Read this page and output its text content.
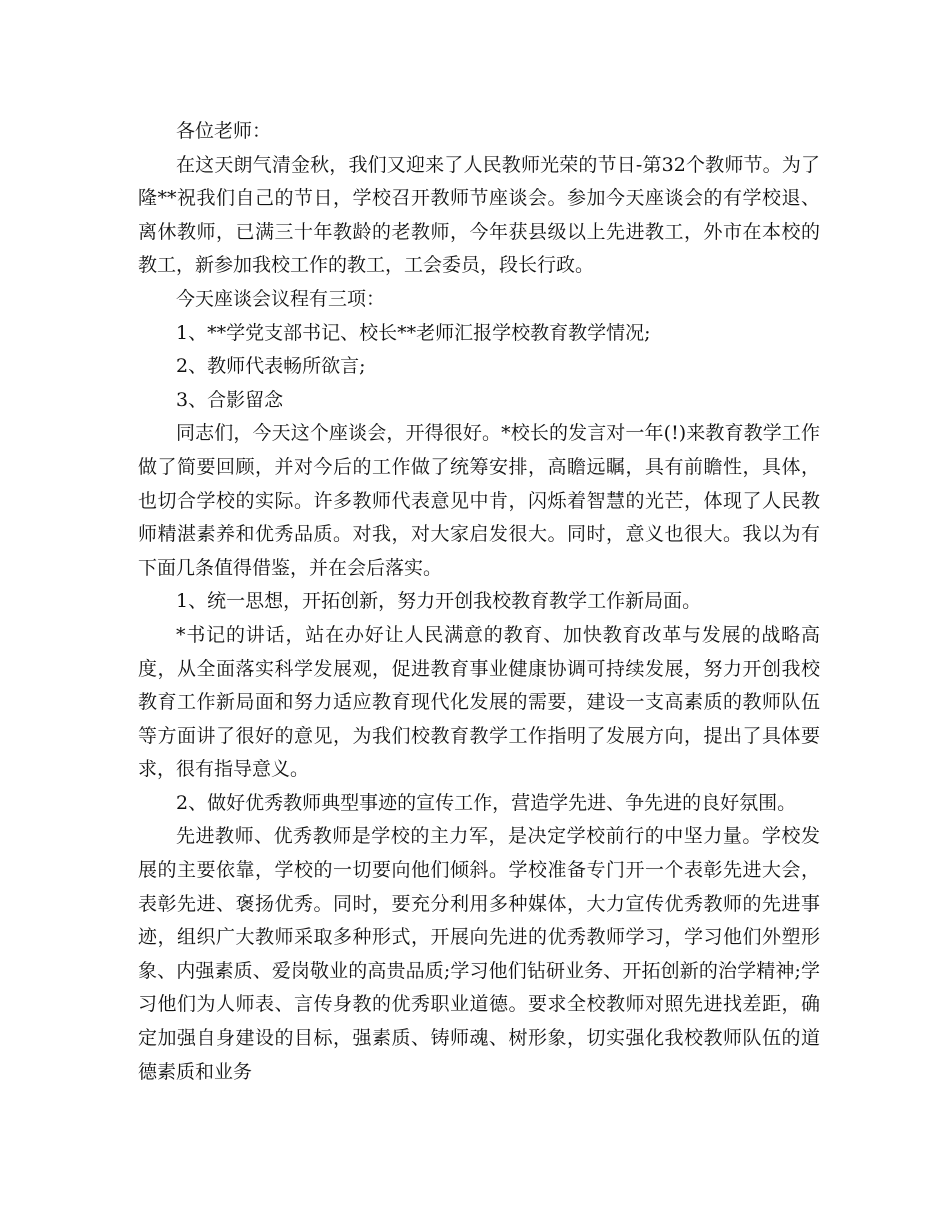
各位老师：

在这天朗气清金秋，我们又迎来了人民教师光荣的节日-第32个教师节。为了隆**祝我们自己的节日，学校召开教师节座谈会。参加今天座谈会的有学校退、离休教师，已满三十年教龄的老教师，今年获县级以上先进教工，外市在本校的教工，新参加我校工作的教工，工会委员，段长行政。

今天座谈会议程有三项：

1、**学党支部书记、校长**老师汇报学校教育教学情况;

2、教师代表畅所欲言;

3、合影留念

同志们，今天这个座谈会，开得很好。*校长的发言对一年(!)来教育教学工作做了简要回顾，并对今后的工作做了统筹安排，高瞻远瞩，具有前瞻性，具体，也切合学校的实际。许多教师代表意见中肯，闪烁着智慧的光芒，体现了人民教师精湛素养和优秀品质。对我，对大家启发很大。同时，意义也很大。我以为有下面几条值得借鉴，并在会后落实。

1、统一思想，开拓创新，努力开创我校教育教学工作新局面。

*书记的讲话，站在办好让人民满意的教育、加快教育改革与发展的战略高度，从全面落实科学发展观，促进教育事业健康协调可持续发展，努力开创我校教育工作新局面和努力适应教育现代化发展的需要，建设一支高素质的教师队伍等方面讲了很好的意见，为我们校教育教学工作指明了发展方向，提出了具体要求，很有指导意义。

2、做好优秀教师典型事迹的宣传工作，营造学先进、争先进的良好氛围。

先进教师、优秀教师是学校的主力军，是决定学校前行的中坚力量。学校发展的主要依靠，学校的一切要向他们倾斜。学校准备专门开一个表彰先进大会，表彰先进、褒扬优秀。同时，要充分利用多种媒体，大力宣传优秀教师的先进事迹，组织广大教师采取多种形式，开展向先进的优秀教师学习，学习他们外塑形象、内强素质、爱岗敬业的高贵品质;学习他们钻研业务、开拓创新的治学精神;学习他们为人师表、言传身教的优秀职业道德。要求全校教师对照先进找差距，确定加强自身建设的目标，强素质、铸师魂、树形象，切实强化我校教师队伍的道德素质和业务
